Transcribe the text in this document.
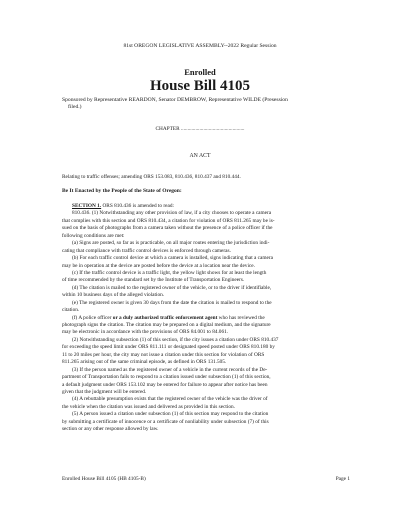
81st OREGON LEGISLATIVE ASSEMBLY--2022 Regular Session
Enrolled
House Bill 4105
Sponsored by Representative REARDON, Senator DEMBROW, Representative WILDE (Presession
filed.)
CHAPTER ................................................
AN ACT
Relating to traffic offenses; amending ORS 153.083, 810.436, 810.437 and 810.444.
Be It Enacted by the People of the State of Oregon:
SECTION 1. ORS 810.436 is amended to read:
810.436. (1) Notwithstanding any other provision of law, if a city chooses to operate a camera
that complies with this section and ORS 810.434, a citation for violation of ORS 811.265 may be is-
sued on the basis of photographs from a camera taken without the presence of a police officer if the
following conditions are met:
(a) Signs are posted, so far as is practicable, on all major routes entering the jurisdiction indi-
cating that compliance with traffic control devices is enforced through cameras.
(b) For each traffic control device at which a camera is installed, signs indicating that a camera
may be in operation at the device are posted before the device at a location near the device.
(c) If the traffic control device is a traffic light, the yellow light shows for at least the length
of time recommended by the standard set by the Institute of Transportation Engineers.
(d) The citation is mailed to the registered owner of the vehicle, or to the driver if identifiable,
within 10 business days of the alleged violation.
(e) The registered owner is given 30 days from the date the citation is mailed to respond to the
citation.
(f) A police officer or a duly authorized traffic enforcement agent who has reviewed the
photograph signs the citation. The citation may be prepared on a digital medium, and the signature
may be electronic in accordance with the provisions of ORS 84.001 to 84.061.
(2) Notwithstanding subsection (1) of this section, if the city issues a citation under ORS 810.437
for exceeding the speed limit under ORS 811.111 or designated speed posted under ORS 810.180 by
11 to 20 miles per hour, the city may not issue a citation under this section for violation of ORS
811.265 arising out of the same criminal episode, as defined in ORS 131.505.
(3) If the person named as the registered owner of a vehicle in the current records of the De-
partment of Transportation fails to respond to a citation issued under subsection (1) of this section,
a default judgment under ORS 153.102 may be entered for failure to appear after notice has been
given that the judgment will be entered.
(4) A rebuttable presumption exists that the registered owner of the vehicle was the driver of
the vehicle when the citation was issued and delivered as provided in this section.
(5) A person issued a citation under subsection (1) of this section may respond to the citation
by submitting a certificate of innocence or a certificate of nonliability under subsection (7) of this
section or any other response allowed by law.
Enrolled House Bill 4105 (HB 4105-B)	Page 1
